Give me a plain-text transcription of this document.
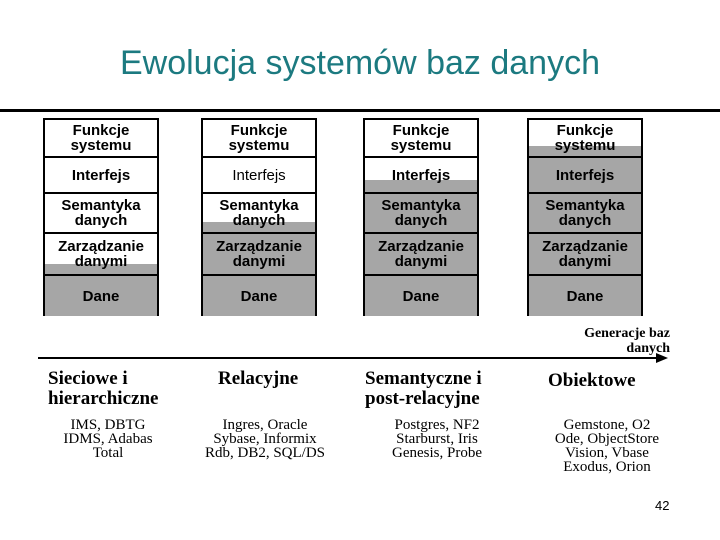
Ewolucja systemów baz danych
Funkcje systemu
Interfejs
Semantyka danych
Zarządzanie danymi
Dane
Funkcje systemu
Interfejs
Semantyka danych
Zarządzanie danymi
Dane
Funkcje systemu
Interfejs
Semantyka danych
Zarządzanie danymi
Dane
Funkcje systemu
Interfejs
Semantyka danych
Zarządzanie danymi
Dane
Generacje baz danych
Sieciowe i hierarchiczne
Relacyjne	Semantyczne i post-relacyjne
Obiektowe
IMS, DBTG
IDMS, Adabas
Total
Ingres, Oracle
Sybase, Informix
Rdb, DB2, SQL/DS
Postgres, NF2
Starburst, Iris
Genesis, Probe
Gemstone, O2
Ode, ObjectStore
Vision, Vbase
Exodus, Orion
42
